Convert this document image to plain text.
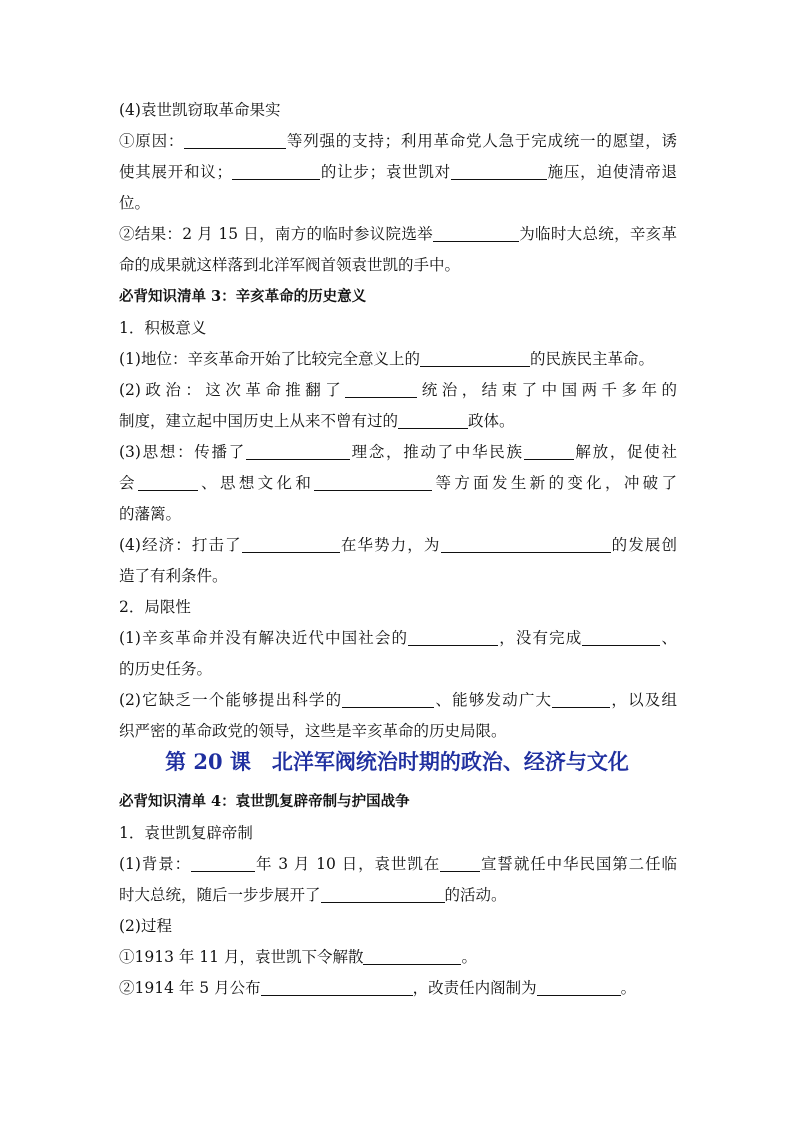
(4)袁世凯窃取革命果实
①原因：	等列强的支持；利用革命党人急于完成统一的愿望，诱
使其展开和议；	的让步；袁世凯对	施压，迫使清帝退
位。
②结果：2 月 15 日，南方的临时参议院选举	为临时大总统，辛亥革
命的成果就这样落到北洋军阀首领袁世凯的手中。
必背知识清单 3：辛亥革命的历史意义
1．积极意义
(1)地位：辛亥革命开始了比较完全意义上的	的民族民主革命。
(2)政治：这次革命推翻了	统治，结束了中国两千多年的
制度，建立起中国历史上从来不曾有过的	政体。
(3)思想：传播了	理念，推动了中华民族	解放，促使社
会	、思想文化和	等方面发生新的变化，冲破了
的藩篱。
(4)经济：打击了	在华势力，为	的发展创
造了有利条件。
2．局限性
(1)辛亥革命并没有解决近代中国社会的	，没有完成	、
的历史任务。
(2)它缺乏一个能够提出科学的	、能够发动广大	，以及组
织严密的革命政党的领导，这些是辛亥革命的历史局限。
第 20 课　北洋军阀统治时期的政治、经济与文化
必背知识清单 4：袁世凯复辟帝制与护国战争
1．袁世凯复辟帝制
(1)背景：	年 3 月 10 日，袁世凯在	宣誓就任中华民国第二任临
时大总统，随后一步步展开了	的活动。
(2)过程
①1913 年 11 月，袁世凯下令解散	。
②1914 年 5 月公布	，改责任内阁制为	。
